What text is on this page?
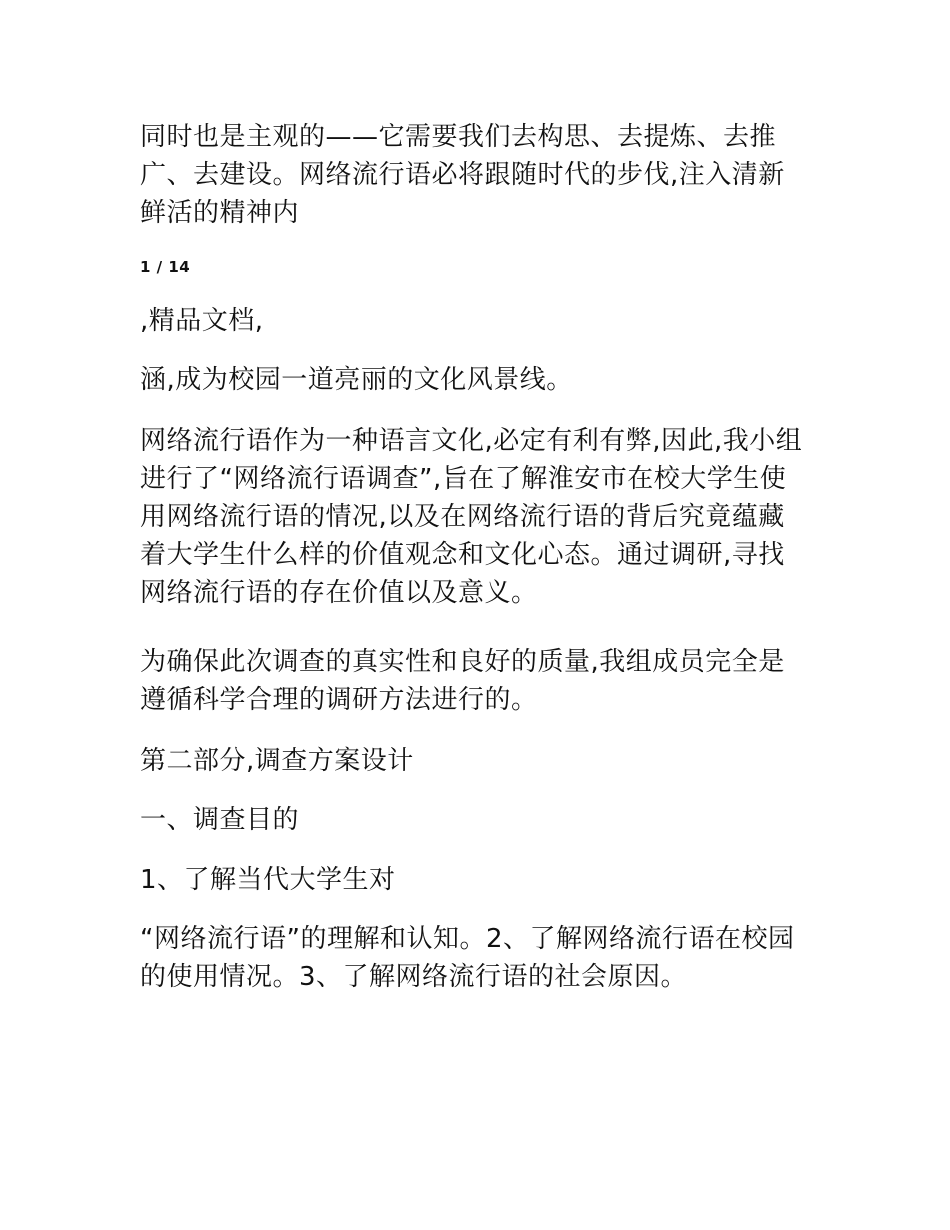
同时也是主观的——它需要我们去构思、去提炼、去推广、去建设。网络流行语必将跟随时代的步伐,注入清新鲜活的精神内

1 / 14

,精品文档,

涵,成为校园一道亮丽的文化风景线。

网络流行语作为一种语言文化,必定有利有弊,因此,我小组进行了“网络流行语调查”,旨在了解淮安市在校大学生使用网络流行语的情况,以及在网络流行语的背后究竟蕴藏着大学生什么样的价值观念和文化心态。通过调研,寻找网络流行语的存在价值以及意义。

为确保此次调查的真实性和良好的质量,我组成员完全是遵循科学合理的调研方法进行的。

第二部分,调查方案设计

一、调查目的

1、了解当代大学生对

“网络流行语”的理解和认知。2、了解网络流行语在校园的使用情况。3、了解网络流行语的社会原因。
